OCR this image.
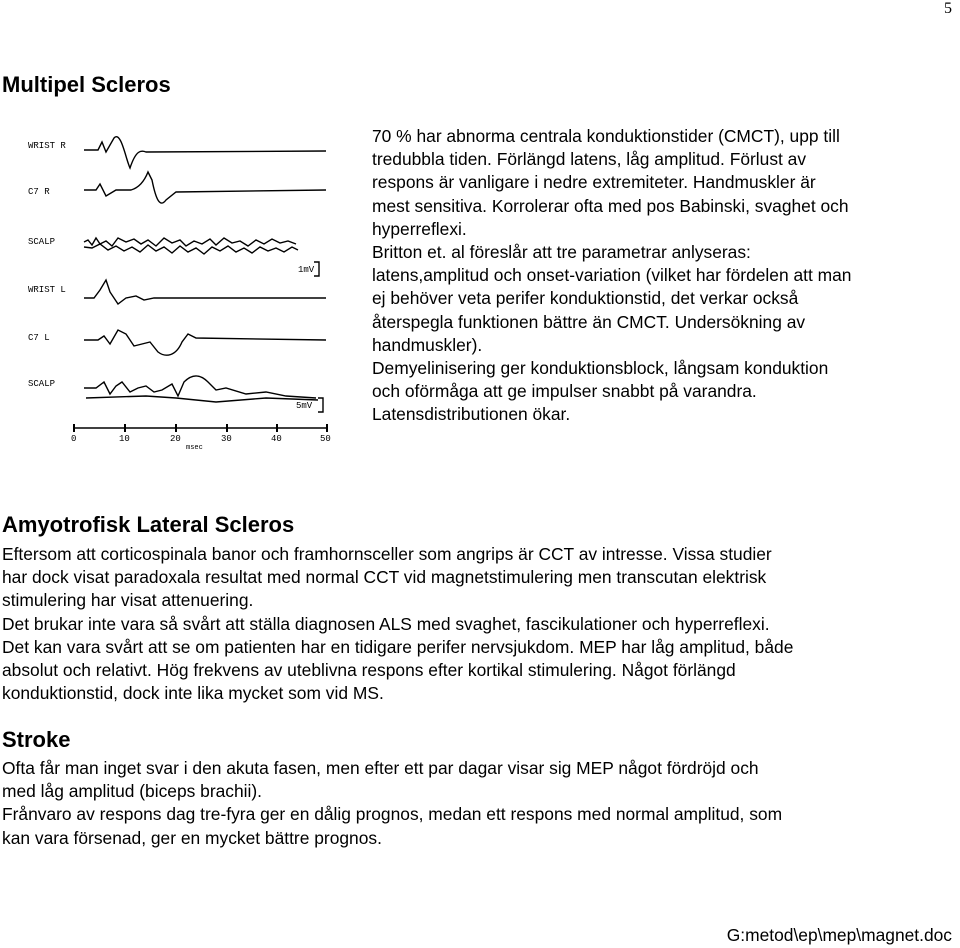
5
Multipel Scleros
WRIST R
C7 R
SCALP
WRIST L
C7 L
SCALP
1mV
5mV
0	10	20	30	40	50
msec
70 % har abnorma centrala konduktionstider (CMCT), upp till
tredubbla tiden. Förlängd latens, låg amplitud. Förlust av
respons är vanligare i nedre extremiteter. Handmuskler är
mest sensitiva. Korrolerar ofta med pos Babinski, svaghet och
hyperreflexi.
Britton et. al föreslår att tre parametrar anlyseras:
latens,amplitud och onset-variation (vilket har fördelen att man
ej behöver veta perifer konduktionstid, det verkar också
återspegla funktionen bättre än CMCT. Undersökning av
handmuskler).
Demyelinisering ger konduktionsblock, långsam konduktion
och oförmåga att ge impulser snabbt på varandra.
Latensdistributionen ökar.
Amyotrofisk Lateral Scleros
Eftersom att corticospinala banor och framhornsceller som angrips är CCT av intresse. Vissa studier
har dock visat paradoxala resultat med normal CCT vid magnetstimulering men transcutan elektrisk
stimulering har visat attenuering.
Det brukar inte vara så svårt att ställa diagnosen ALS med svaghet, fascikulationer och hyperreflexi.
Det kan vara svårt att se om patienten har en tidigare perifer nervsjukdom. MEP har låg amplitud, både
absolut och relativt. Hög frekvens av uteblivna respons efter kortikal stimulering. Något förlängd
konduktionstid, dock inte lika mycket som vid MS.
Stroke
Ofta får man inget svar i den akuta fasen, men efter ett par dagar visar sig MEP något fördröjd och
med låg amplitud (biceps brachii).
Frånvaro av respons dag tre-fyra ger en dålig prognos, medan ett respons med normal amplitud, som
kan vara försenad, ger en mycket bättre prognos.
G:metod\ep\mep\magnet.doc
